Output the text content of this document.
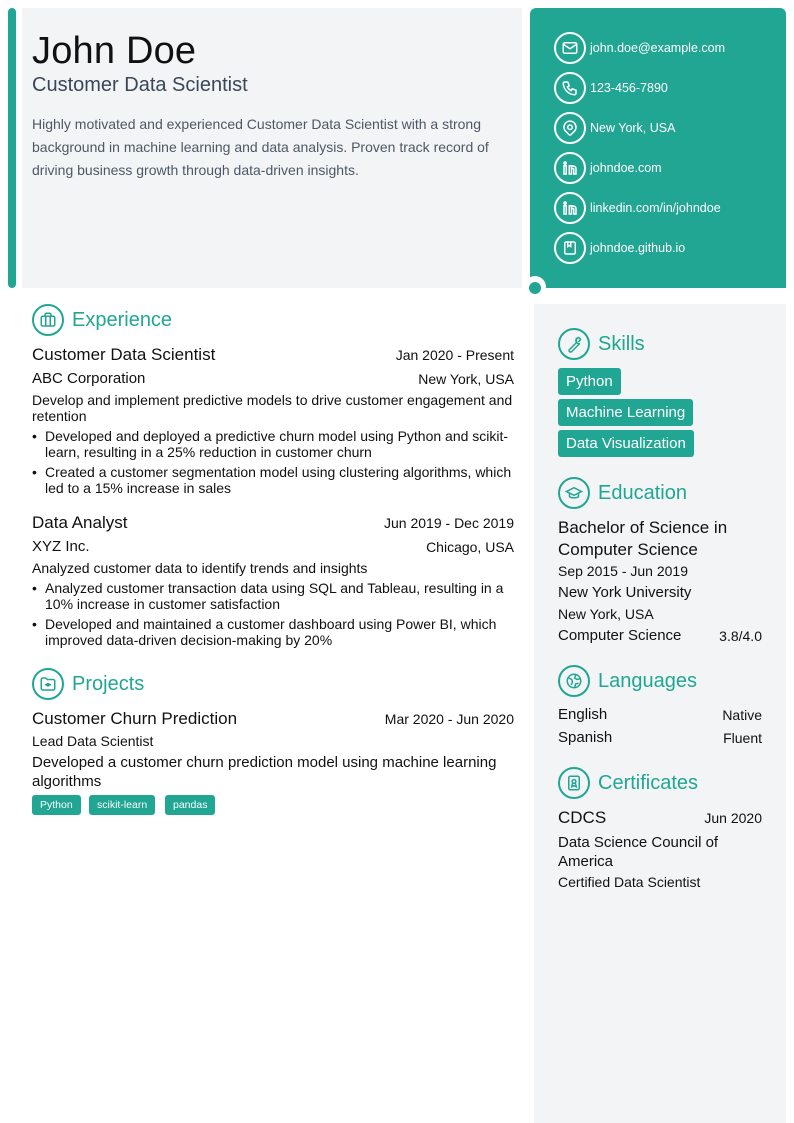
John Doe
Customer Data Scientist
Highly motivated and experienced Customer Data Scientist with a strong background in machine learning and data analysis. Proven track record of driving business growth through data-driven insights.
john.doe@example.com
123-456-7890
New York, USA
johndoe.com
linkedin.com/in/johndoe
johndoe.github.io
Experience
Customer Data Scientist	Jan 2020 - Present
ABC Corporation	New York, USA
Develop and implement predictive models to drive customer engagement and retention
• Developed and deployed a predictive churn model using Python and scikit-learn, resulting in a 25% reduction in customer churn
• Created a customer segmentation model using clustering algorithms, which led to a 15% increase in sales
Data Analyst	Jun 2019 - Dec 2019
XYZ Inc.	Chicago, USA
Analyzed customer data to identify trends and insights
• Analyzed customer transaction data using SQL and Tableau, resulting in a 10% increase in customer satisfaction
• Developed and maintained a customer dashboard using Power BI, which improved data-driven decision-making by 20%
Projects
Customer Churn Prediction	Mar 2020 - Jun 2020
Lead Data Scientist
Developed a customer churn prediction model using machine learning algorithms
Python	scikit-learn	pandas
Skills
Python
Machine Learning
Data Visualization
Education
Bachelor of Science in Computer Science
Sep 2015 - Jun 2019
New York University
New York, USA
Computer Science	3.8/4.0
Languages
English	Native
Spanish	Fluent
Certificates
CDCS	Jun 2020
Data Science Council of America
Certified Data Scientist
